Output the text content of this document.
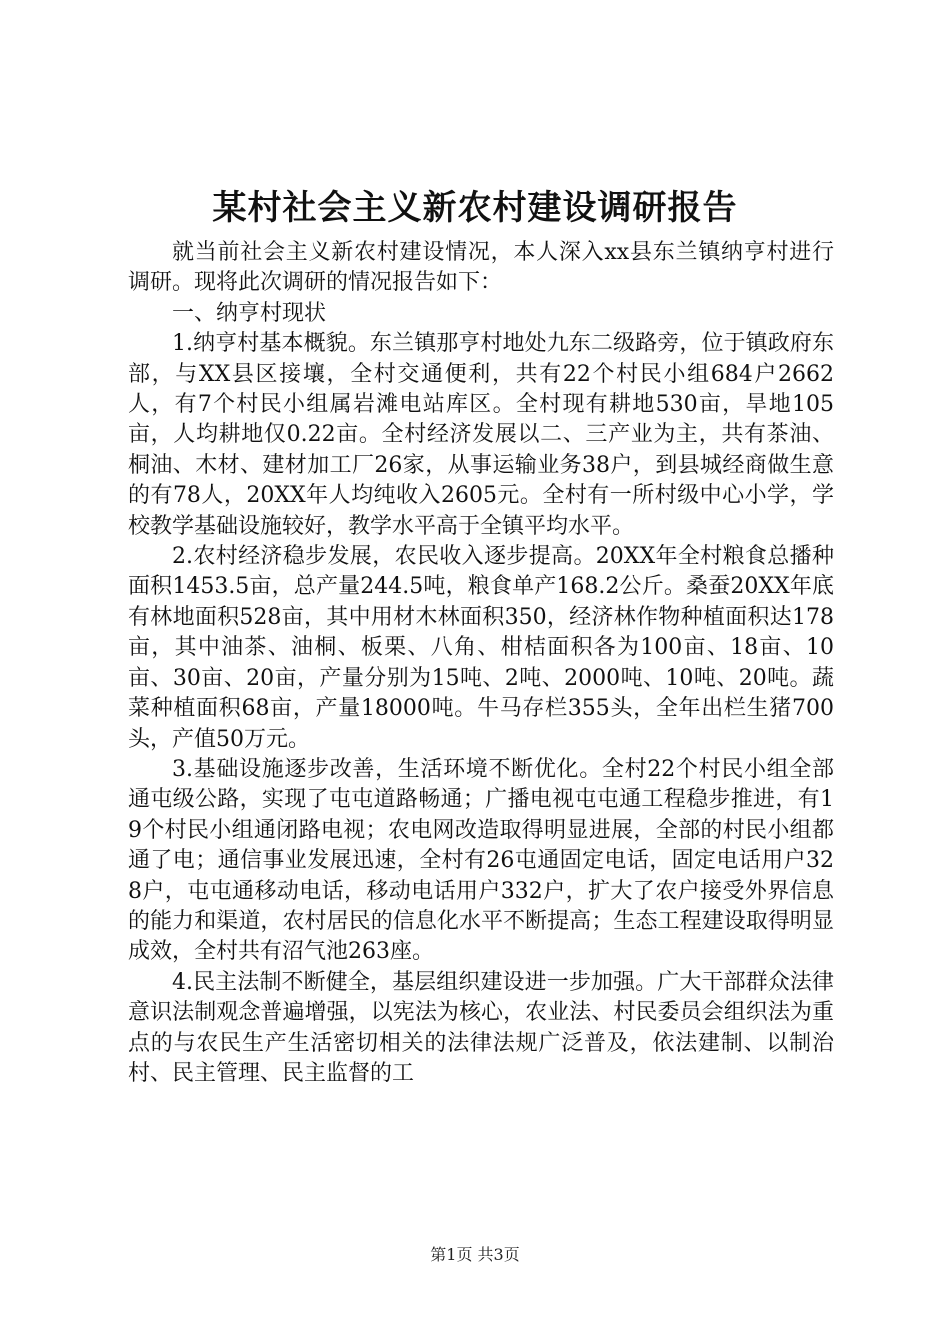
某村社会主义新农村建设调研报告

就当前社会主义新农村建设情况，本人深入xx县东兰镇纳亨村进行调研。现将此次调研的情况报告如下：

一、纳亨村现状

1.纳亨村基本概貌。东兰镇那亨村地处九东二级路旁，位于镇政府东部，与XX县区接壤，全村交通便利，共有22个村民小组684户2662人，有7个村民小组属岩滩电站库区。全村现有耕地530亩，旱地105亩，人均耕地仅0.22亩。全村经济发展以二、三产业为主，共有茶油、桐油、木材、建材加工厂26家，从事运输业务38户，到县城经商做生意的有78人，20XX年人均纯收入2605元。全村有一所村级中心小学，学校教学基础设施较好，教学水平高于全镇平均水平。

2.农村经济稳步发展，农民收入逐步提高。20XX年全村粮食总播种面积1453.5亩，总产量244.5吨，粮食单产168.2公斤。桑蚕20XX年底有林地面积528亩，其中用材木林面积350，经济林作物种植面积达178亩，其中油茶、油桐、板栗、八角、柑桔面积各为100亩、18亩、10亩、30亩、20亩，产量分别为15吨、2吨、2000吨、10吨、20吨。蔬菜种植面积68亩，产量18000吨。牛马存栏355头，全年出栏生猪700头，产值50万元。

3.基础设施逐步改善，生活环境不断优化。全村22个村民小组全部通屯级公路，实现了屯屯道路畅通；广播电视屯屯通工程稳步推进，有19个村民小组通闭路电视；农电网改造取得明显进展，全部的村民小组都通了电；通信事业发展迅速，全村有26屯通固定电话，固定电话用户328户，屯屯通移动电话，移动电话用户332户，扩大了农户接受外界信息的能力和渠道，农村居民的信息化水平不断提高；生态工程建设取得明显成效，全村共有沼气池263座。

4.民主法制不断健全，基层组织建设进一步加强。广大干部群众法律意识法制观念普遍增强，以宪法为核心，农业法、村民委员会组织法为重点的与农民生产生活密切相关的法律法规广泛普及，依法建制、以制治村、民主管理、民主监督的工

第1页 共3页
